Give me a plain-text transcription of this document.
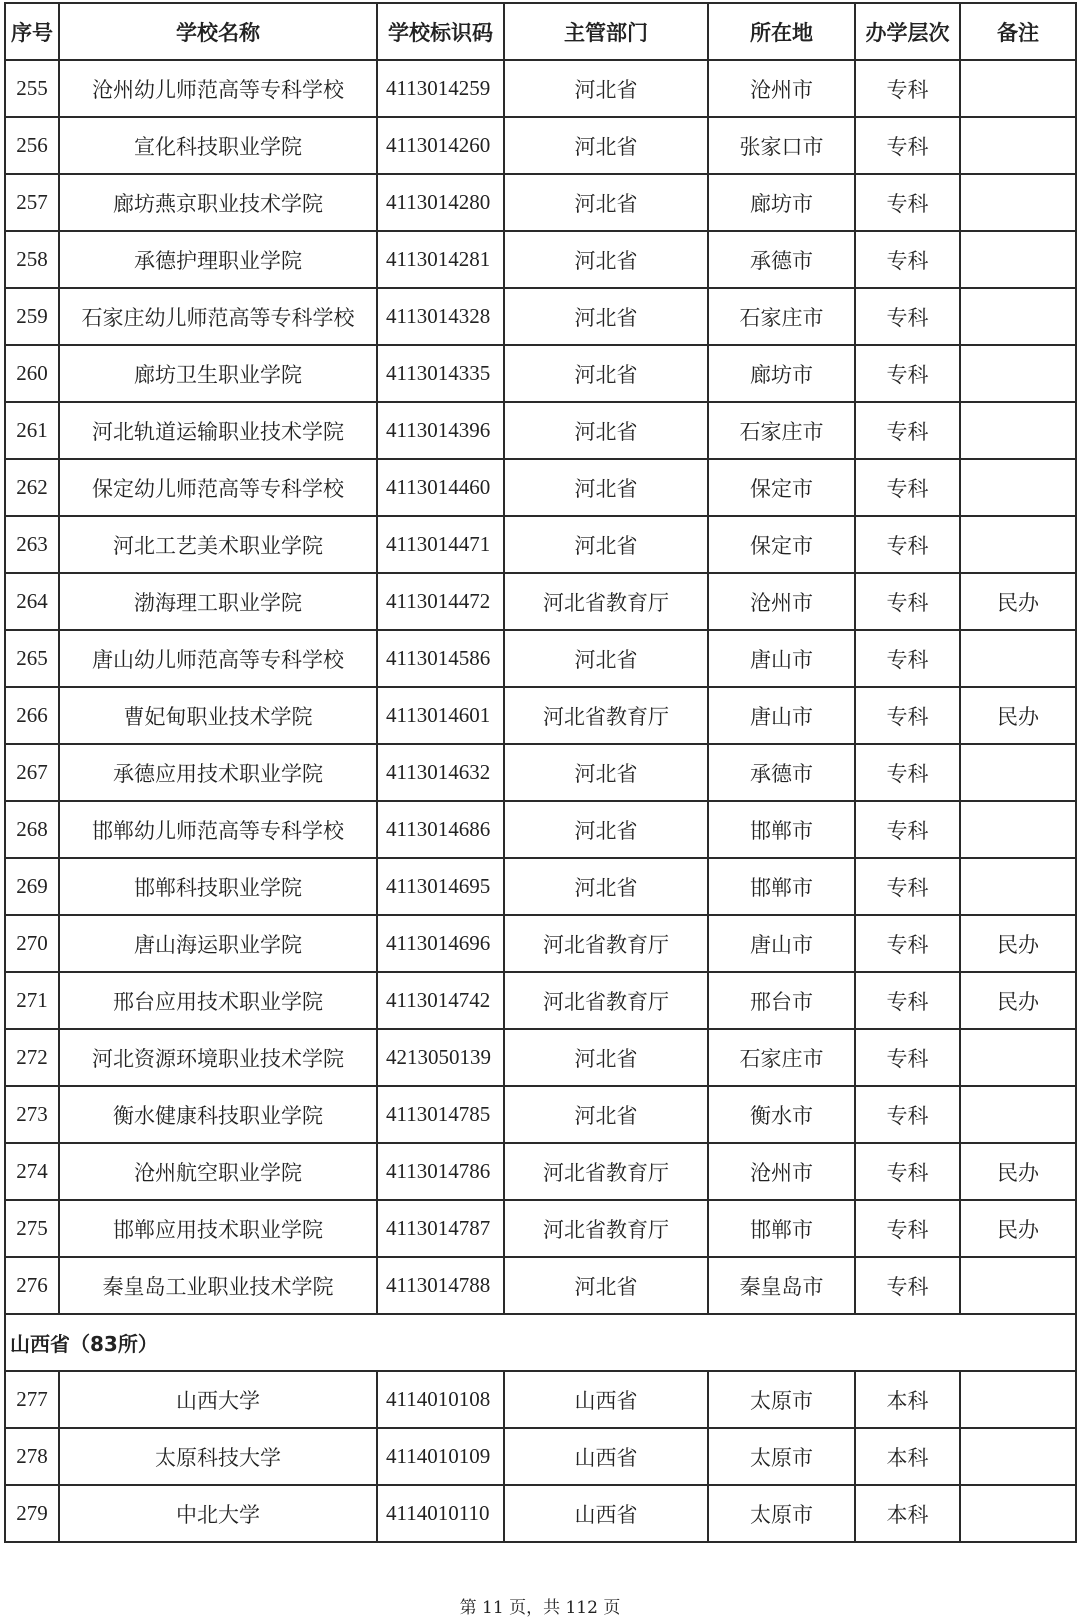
序号	学校名称	学校标识码	主管部门	所在地	办学层次	备注
255	沧州幼儿师范高等专科学校	4113014259	河北省	沧州市	专科	
256	宣化科技职业学院	4113014260	河北省	张家口市	专科	
257	廊坊燕京职业技术学院	4113014280	河北省	廊坊市	专科	
258	承德护理职业学院	4113014281	河北省	承德市	专科	
259	石家庄幼儿师范高等专科学校	4113014328	河北省	石家庄市	专科	
260	廊坊卫生职业学院	4113014335	河北省	廊坊市	专科	
261	河北轨道运输职业技术学院	4113014396	河北省	石家庄市	专科	
262	保定幼儿师范高等专科学校	4113014460	河北省	保定市	专科	
263	河北工艺美术职业学院	4113014471	河北省	保定市	专科	
264	渤海理工职业学院	4113014472	河北省教育厅	沧州市	专科	民办
265	唐山幼儿师范高等专科学校	4113014586	河北省	唐山市	专科	
266	曹妃甸职业技术学院	4113014601	河北省教育厅	唐山市	专科	民办
267	承德应用技术职业学院	4113014632	河北省	承德市	专科	
268	邯郸幼儿师范高等专科学校	4113014686	河北省	邯郸市	专科	
269	邯郸科技职业学院	4113014695	河北省	邯郸市	专科	
270	唐山海运职业学院	4113014696	河北省教育厅	唐山市	专科	民办
271	邢台应用技术职业学院	4113014742	河北省教育厅	邢台市	专科	民办
272	河北资源环境职业技术学院	4213050139	河北省	石家庄市	专科	
273	衡水健康科技职业学院	4113014785	河北省	衡水市	专科	
274	沧州航空职业学院	4113014786	河北省教育厅	沧州市	专科	民办
275	邯郸应用技术职业学院	4113014787	河北省教育厅	邯郸市	专科	民办
276	秦皇岛工业职业技术学院	4113014788	河北省	秦皇岛市	专科	
山西省（83所）						
277	山西大学	4114010108	山西省	太原市	本科	
278	太原科技大学	4114010109	山西省	太原市	本科	
279	中北大学	4114010110	山西省	太原市	本科	
第 11 页，共 112 页
